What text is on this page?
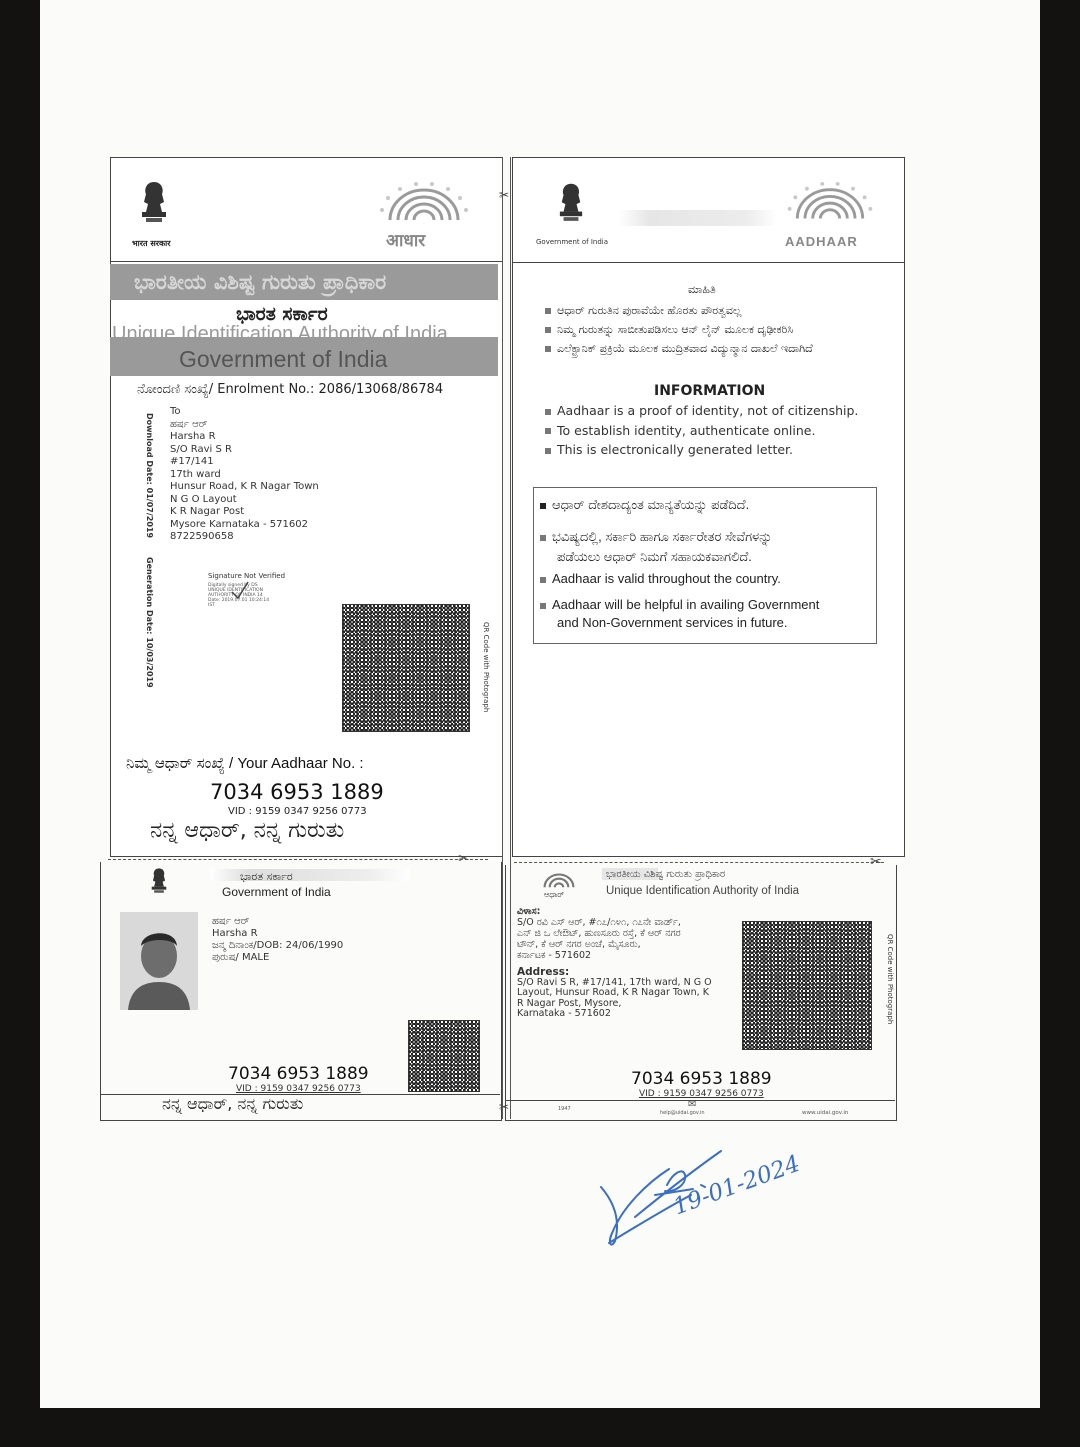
भारत सरकार	आधार
ಭಾರತೀಯ ವಿಶಿಷ್ಟ ಗುರುತು ಪ್ರಾಧಿಕಾರ
ಭಾರತ ಸರ್ಕಾರ
Unique Identification Authority of India
Government of India
ನೋಂದಣಿ ಸಂಖ್ಯೆ/ Enrolment No.: 2086/13068/86784
Download Date: 01/07/2019
Generation Date: 10/03/2019
To
ಹರ್ಷ ಆರ್
Harsha R
S/O Ravi S R
#17/141
17th ward
Hunsur Road, K R Nagar Town
N G O Layout
K R Nagar Post
Mysore Karnataka - 571602
8722590658
Signature Not Verified
Digitally signed by DS
UNIQUE IDENTIFICATION
AUTHORITY OF INDIA 14
Date: 2019.07.01 10:24:14
IST
QR Code with Photograph
ನಿಮ್ಮ ಆಧಾರ್ ಸಂಖ್ಯೆ / Your Aadhaar No. :
7034 6953 1889
VID : 9159 0347 9256 0773
ನನ್ನ ಆಧಾರ್, ನನ್ನ ಗುರುತು
✂
✂
✂
ಭಾರತ ಸರ್ಕಾರ
Government of India
ಹರ್ಷ ಆರ್
Harsha R
ಜನ್ಮ ದಿನಾಂಕ/DOB: 24/06/1990
ಪುರುಷ/ MALE
7034 6953 1889
VID : 9159 0347 9256 0773
ನನ್ನ ಆಧಾರ್, ನನ್ನ ಗುರುತು
Government of India	AADHAAR
ಮಾಹಿತಿ
ಆಧಾರ್ ಗುರುತಿನ ಪುರಾವೆಯೇ ಹೊರತು ಪೌರತ್ವವಲ್ಲ
ನಿಮ್ಮ ಗುರುತನ್ನು ಸಾಬೀತುಪಡಿಸಲು ಆನ್ ಲೈನ್ ಮೂಲಕ ದೃಢೀಕರಿಸಿ
ಎಲೆಕ್ಟ್ರಾನಿಕ್ ಪ್ರಕ್ರಿಯೆ ಮೂಲಕ ಮುದ್ರಿತವಾದ ವಿದ್ಯುನ್ಮಾನ ದಾಖಲೆ ಇದಾಗಿದೆ
INFORMATION
Aadhaar is a proof of identity, not of citizenship.
To establish identity, authenticate online.
This is electronically generated letter.
ಆಧಾರ್ ದೇಶದಾದ್ಯಂತ ಮಾನ್ಯತೆಯನ್ನು ಪಡೆದಿದೆ.
ಭವಿಷ್ಯದಲ್ಲಿ, ಸರ್ಕಾರಿ ಹಾಗೂ ಸರ್ಕಾರೇತರ ಸೇವೆಗಳನ್ನು
ಪಡೆಯಲು ಆಧಾರ್ ನಿಮಗೆ ಸಹಾಯಕವಾಗಲಿದೆ.
Aadhaar is valid throughout the country.
Aadhaar will be helpful in availing Government
and Non-Government services in future.
✂
ಆಧಾರ್
ಭಾರತೀಯ ವಿಶಿಷ್ಟ ಗುರುತು ಪ್ರಾಧಿಕಾರ
Unique Identification Authority of India
ವಿಳಾಸ:
S/O ರವಿ ಎಸ್ ಆರ್, #೧೭/೧೪೧, ೧೭ನೇ ವಾರ್ಡ್,
ಎನ್ ಜಿ ಒ ಲೇಔಟ್, ಹುಣಸೂರು ರಸ್ತೆ, ಕೆ ಆರ್ ನಗರ
ಟೌನ್, ಕೆ ಆರ್ ನಗರ ಅಂಚೆ, ಮೈಸೂರು,
ಕರ್ನಾಟಕ - 571602
Address:
S/O Ravi S R, #17/141, 17th ward, N G O
Layout, Hunsur Road, K R Nagar Town, K
R Nagar Post, Mysore,
Karnataka - 571602	QR Code with Photograph
7034 6953 1889
VID : 9159 0347 9256 0773
1947	✉
help@uidai.gov.in	www.uidai.gov.in
19-01-2024
